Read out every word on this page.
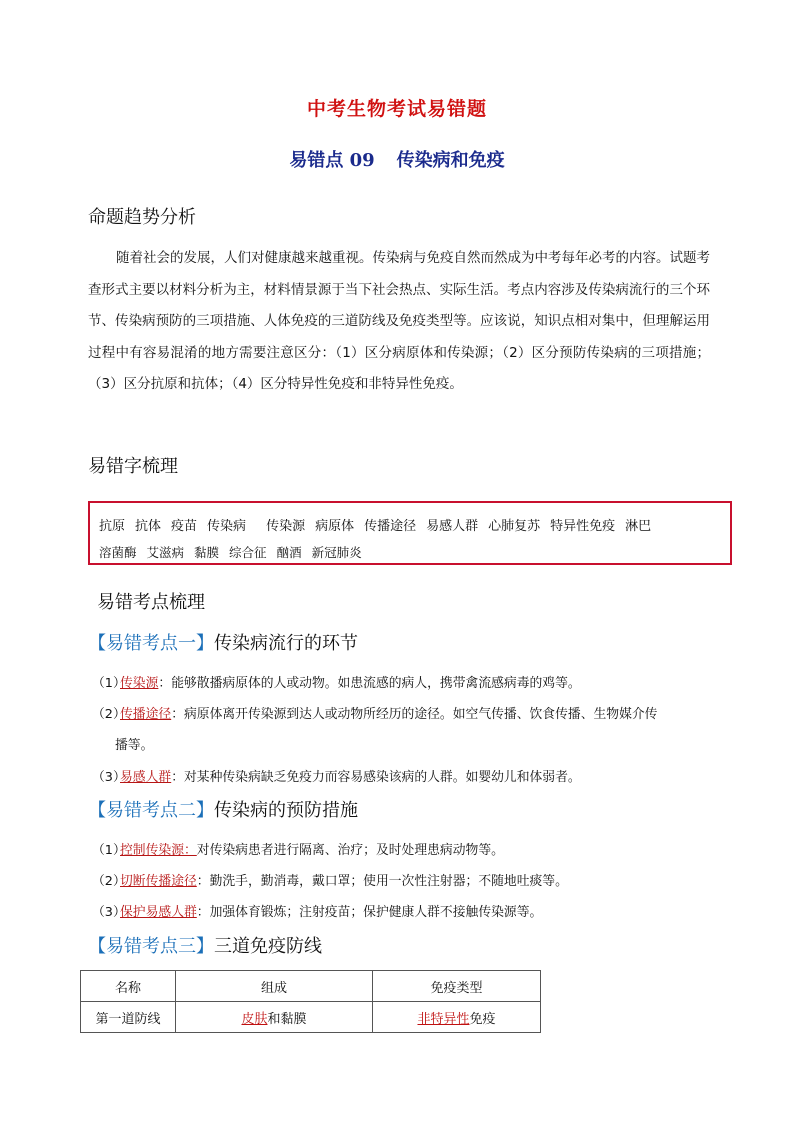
中考生物考试易错题
易错点 09 传染病和免疫
命题趋势分析
随着社会的发展，人们对健康越来越重视。传染病与免疫自然而然成为中考每年必考的内容。试题考查形式主要以材料分析为主，材料情景源于当下社会热点、实际生活。考点内容涉及传染病流行的三个环节、传染病预防的三项措施、人体免疫的三道防线及免疫类型等。应该说，知识点相对集中，但理解运用过程中有容易混淆的地方需要注意区分：（1）区分病原体和传染源；（2）区分预防传染病的三项措施；（3）区分抗原和抗体；（4）区分特异性免疫和非特异性免疫。
易错字梳理
抗原 抗体 疫苗 传染病 传染源 病原体 传播途径 易感人群 心肺复苏 特异性免疫 淋巴
溶菌酶 艾滋病 黏膜 综合征 酗酒 新冠肺炎
易错考点梳理
【易错考点一】传染病流行的环节
（1）传染源：能够散播病原体的人或动物。如患流感的病人，携带禽流感病毒的鸡等。
（2）传播途径：病原体离开传染源到达人或动物所经历的途径。如空气传播、饮食传播、生物媒介传
播等。
（3）易感人群：对某种传染病缺乏免疫力而容易感染该病的人群。如婴幼儿和体弱者。
【易错考点二】传染病的预防措施
（1）控制传染源：对传染病患者进行隔离、治疗；及时处理患病动物等。
（2）切断传播途径：勤洗手，勤消毒，戴口罩；使用一次性注射器；不随地吐痰等。
（3）保护易感人群：加强体育锻炼；注射疫苗；保护健康人群不接触传染源等。
【易错考点三】三道免疫防线
名称	组成	免疫类型
第一道防线	皮肤和黏膜	非特异性免疫
